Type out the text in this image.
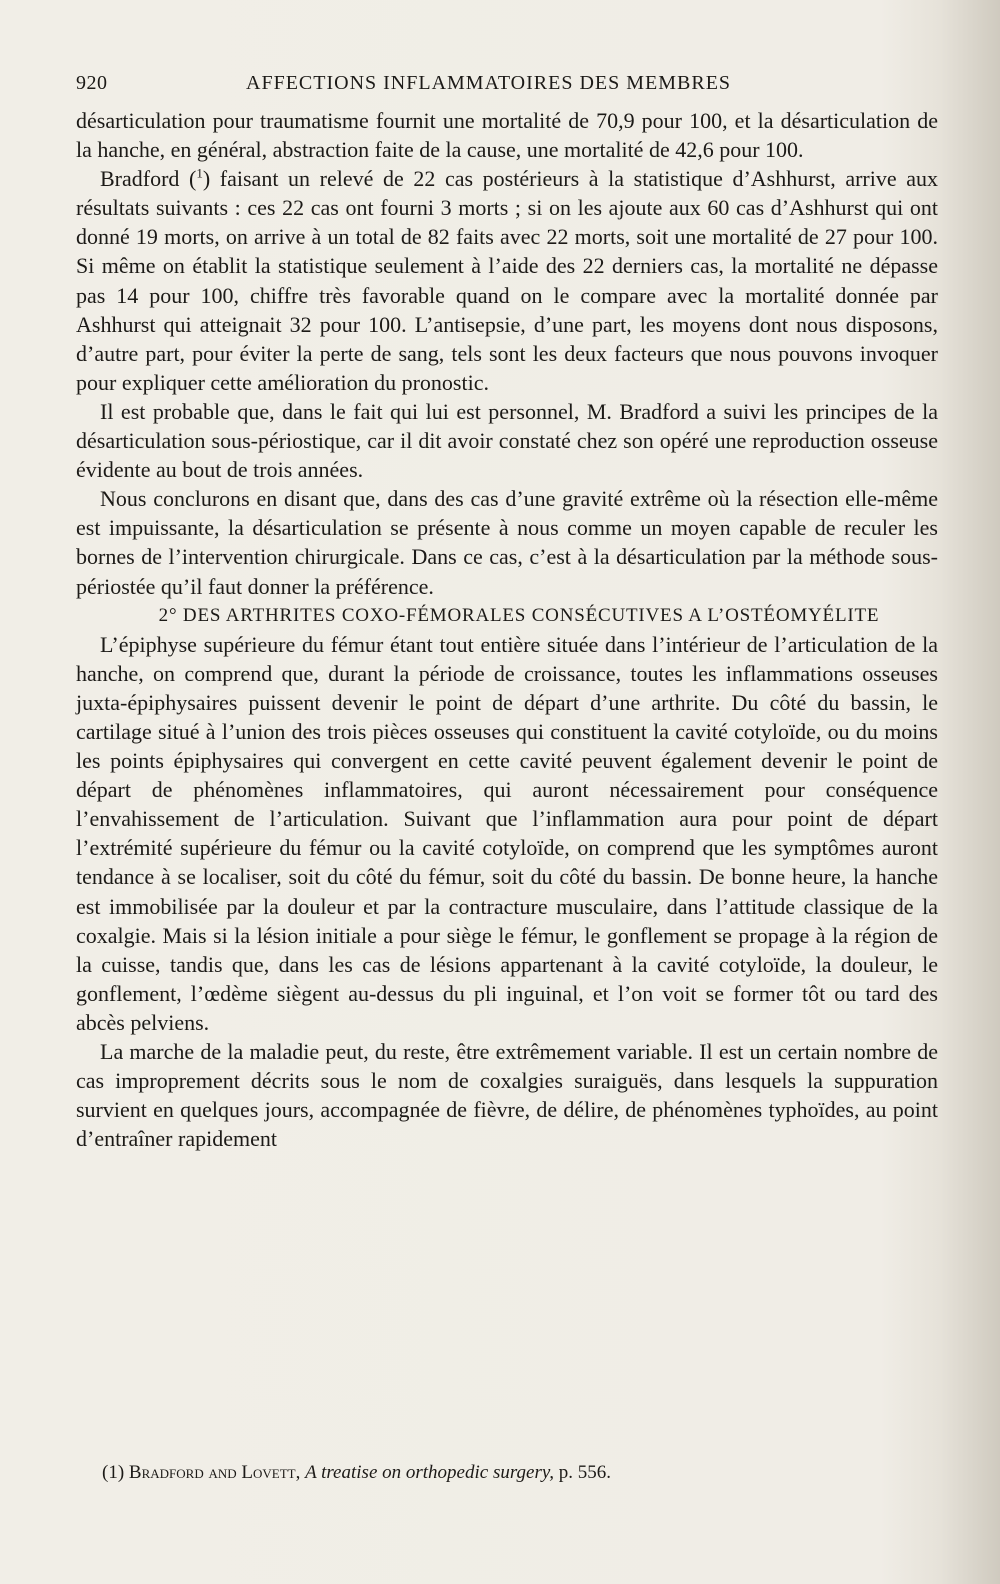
920	AFFECTIONS INFLAMMATOIRES DES MEMBRES

désarticulation pour traumatisme fournit une mortalité de 70,9 pour 100, et la désarticulation de la hanche, en général, abstraction faite de la cause, une mortalité de 42,6 pour 100.

Bradford ($^1$) faisant un relevé de 22 cas postérieurs à la statistique d’Ashhurst, arrive aux résultats suivants : ces 22 cas ont fourni 3 morts ; si on les ajoute aux 60 cas d’Ashhurst qui ont donné 19 morts, on arrive à un total de 82 faits avec 22 morts, soit une mortalité de 27 pour 100. Si même on établit la statistique seulement à l’aide des 22 derniers cas, la mortalité ne dépasse pas 14 pour 100, chiffre très favorable quand on le compare avec la mortalité donnée par Ashhurst qui atteignait 32 pour 100. L’antisepsie, d’une part, les moyens dont nous disposons, d’autre part, pour éviter la perte de sang, tels sont les deux facteurs que nous pouvons invoquer pour expliquer cette amélioration du pronostic.

Il est probable que, dans le fait qui lui est personnel, M. Bradford a suivi les principes de la désarticulation sous-périostique, car il dit avoir constaté chez son opéré une reproduction osseuse évidente au bout de trois années.

Nous conclurons en disant que, dans des cas d’une gravité extrême où la résection elle-même est impuissante, la désarticulation se présente à nous comme un moyen capable de reculer les bornes de l’intervention chirurgicale. Dans ce cas, c’est à la désarticulation par la méthode sous-périostée qu’il faut donner la préférence.

2° DES ARTHRITES COXO-FÉMORALES CONSÉCUTIVES A L’OSTÉOMYÉLITE

L’épiphyse supérieure du fémur étant tout entière située dans l’intérieur de l’articulation de la hanche, on comprend que, durant la période de croissance, toutes les inflammations osseuses juxta-épiphysaires puissent devenir le point de départ d’une arthrite. Du côté du bassin, le cartilage situé à l’union des trois pièces osseuses qui constituent la cavité cotyloïde, ou du moins les points épiphysaires qui convergent en cette cavité peuvent également devenir le point de départ de phénomènes inflammatoires, qui auront nécessairement pour conséquence l’envahissement de l’articulation. Suivant que l’inflammation aura pour point de départ l’extrémité supérieure du fémur ou la cavité cotyloïde, on comprend que les symptômes auront tendance à se localiser, soit du côté du fémur, soit du côté du bassin. De bonne heure, la hanche est immobilisée par la douleur et par la contracture musculaire, dans l’attitude classique de la coxalgie. Mais si la lésion initiale a pour siège le fémur, le gonflement se propage à la région de la cuisse, tandis que, dans les cas de lésions appartenant à la cavité cotyloïde, la douleur, le gonflement, l’œdème siègent au-dessus du pli inguinal, et l’on voit se former tôt ou tard des abcès pelviens.

La marche de la maladie peut, du reste, être extrêmement variable. Il est un certain nombre de cas improprement décrits sous le nom de coxalgies suraiguës, dans lesquels la suppuration survient en quelques jours, accompagnée de fièvre, de délire, de phénomènes typhoïdes, au point d’entraîner rapidement

(1) Bradford and Lovett, A treatise on orthopedic surgery, p. 556.
